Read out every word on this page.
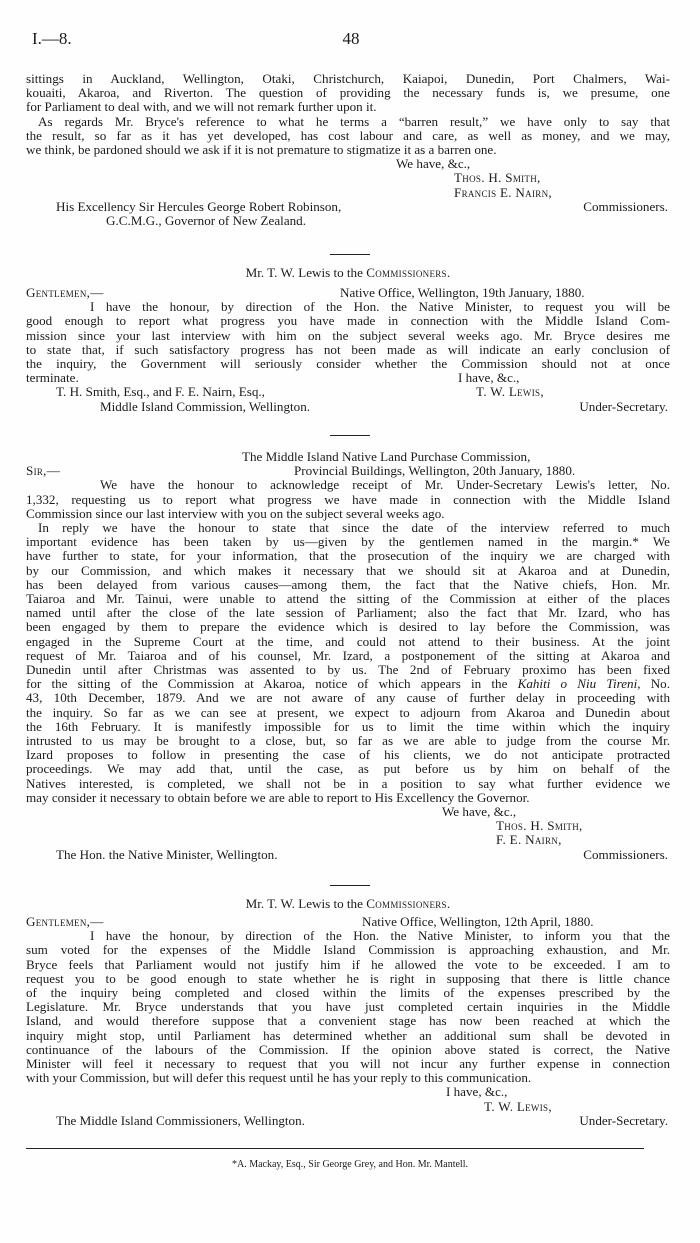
I.—8.	48

sittings in Auckland, Wellington, Otaki, Christchurch, Kaiapoi, Dunedin, Port Chalmers, Wai-

kouaiti, Akaroa, and Riverton. The question of providing the necessary funds is, we presume, one

for Parliament to deal with, and we will not remark further upon it.

As regards Mr. Bryce's reference to what he terms a “barren result,” we have only to say that

the result, so far as it has yet developed, has cost labour and care, as well as money, and we may,

we think, be pardoned should we ask if it is not premature to stigmatize it as a barren one.

We have, &c.,
Thos. H. Smith,
Francis E. Nairn,
His Excellency Sir Hercules George Robert Robinson,	Commissioners.
G.C.M.G., Governor of New Zealand.
Mr. T. W. Lewis to the Commissioners.
Gentlemen,—	Native Office, Wellington, 19th January, 1880.

I have the honour, by direction of the Hon. the Native Minister, to request you will be

good enough to report what progress you have made in connection with the Middle Island Com-

mission since your last interview with him on the subject several weeks ago. Mr. Bryce desires me

to state that, if such satisfactory progress has not been made as will indicate an early conclusion of

the inquiry, the Government will seriously consider whether the Commission should not at once

terminate.	I have, &c.,
T. H. Smith, Esq., and F. E. Nairn, Esq.,	T. W. Lewis,
Middle Island Commission, Wellington.	Under-Secretary.
The Middle Island Native Land Purchase Commission,
Sir,—	Provincial Buildings, Wellington, 20th January, 1880.

We have the honour to acknowledge receipt of Mr. Under-Secretary Lewis's letter, No.

1,332, requesting us to report what progress we have made in connection with the Middle Island

Commission since our last interview with you on the subject several weeks ago.

In reply we have the honour to state that since the date of the interview referred to much

important evidence has been taken by us—given by the gentlemen named in the margin.* We

have further to state, for your information, that the prosecution of the inquiry we are charged with

by our Commission, and which makes it necessary that we should sit at Akaroa and at Dunedin,

has been delayed from various causes—among them, the fact that the Native chiefs, Hon. Mr.

Taiaroa and Mr. Tainui, were unable to attend the sitting of the Commission at either of the places

named until after the close of the late session of Parliament; also the fact that Mr. Izard, who has

been engaged by them to prepare the evidence which is desired to lay before the Commission, was

engaged in the Supreme Court at the time, and could not attend to their business. At the joint

request of Mr. Taiaroa and of his counsel, Mr. Izard, a postponement of the sitting at Akaroa and

Dunedin until after Christmas was assented to by us. The 2nd of February proximo has been fixed

for the sitting of the Commission at Akaroa, notice of which appears in the Kahiti o Niu Tireni, No.

43, 10th December, 1879. And we are not aware of any cause of further delay in proceeding with

the inquiry. So far as we can see at present, we expect to adjourn from Akaroa and Dunedin about

the 16th February. It is manifestly impossible for us to limit the time within which the inquiry

intrusted to us may be brought to a close, but, so far as we are able to judge from the course Mr.

Izard proposes to follow in presenting the case of his clients, we do not anticipate protracted

proceedings. We may add that, until the case, as put before us by him on behalf of the

Natives interested, is completed, we shall not be in a position to say what further evidence we

may consider it necessary to obtain before we are able to report to His Excellency the Governor.

We have, &c.,
Thos. H. Smith,
F. E. Nairn,
The Hon. the Native Minister, Wellington.	Commissioners.
Mr. T. W. Lewis to the Commissioners.
Gentlemen,—	Native Office, Wellington, 12th April, 1880.

I have the honour, by direction of the Hon. the Native Minister, to inform you that the

sum voted for the expenses of the Middle Island Commission is approaching exhaustion, and Mr.

Bryce feels that Parliament would not justify him if he allowed the vote to be exceeded. I am to

request you to be good enough to state whether he is right in supposing that there is little chance

of the inquiry being completed and closed within the limits of the expenses prescribed by the

Legislature. Mr. Bryce understands that you have just completed certain inquiries in the Middle

Island, and would therefore suppose that a convenient stage has now been reached at which the

inquiry might stop, until Parliament has determined whether an additional sum shall be devoted in

continuance of the labours of the Commission. If the opinion above stated is correct, the Native

Minister will feel it necessary to request that you will not incur any further expense in connection

with your Commission, but will defer this request until he has your reply to this communication.

I have, &c.,
T. W. Lewis,
The Middle Island Commissioners, Wellington.	Under-Secretary.
*A. Mackay, Esq., Sir George Grey, and Hon. Mr. Mantell.
